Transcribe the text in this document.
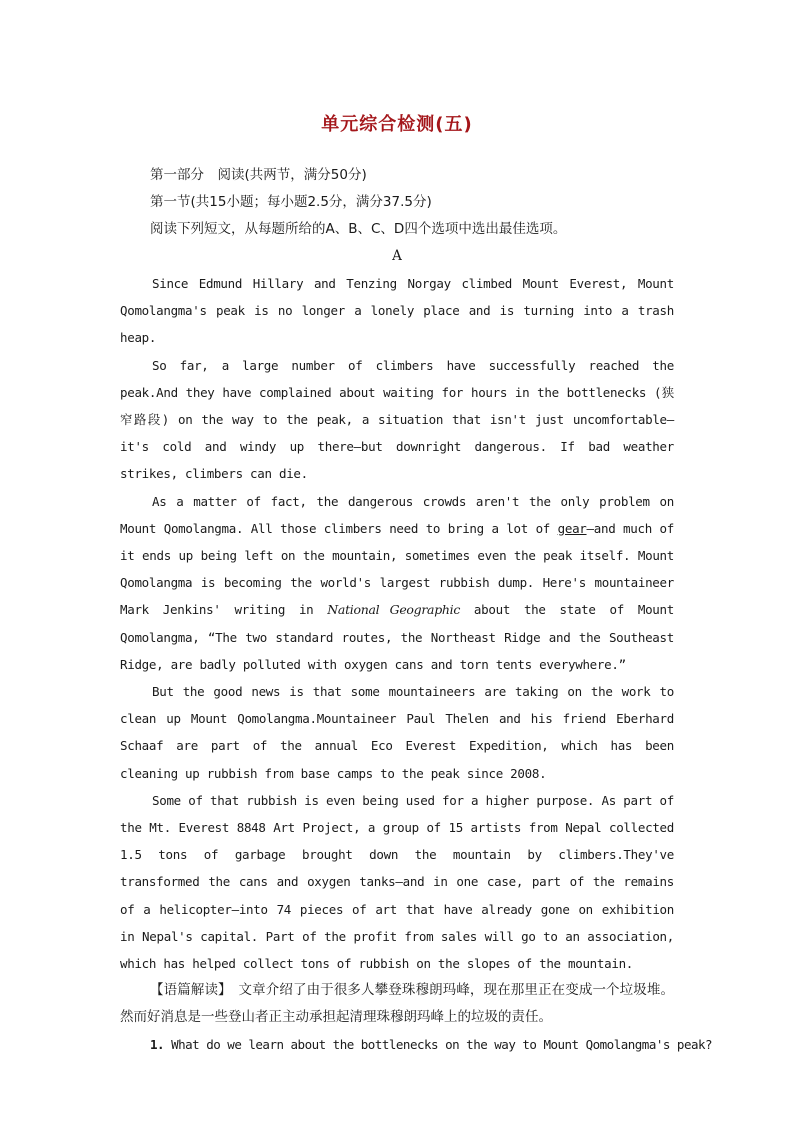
单元综合检测(五)

第一部分　阅读(共两节，满分50分)

第一节(共15小题；每小题2.5分，满分37.5分)

阅读下列短文，从每题所给的A、B、C、D四个选项中选出最佳选项。

A

Since Edmund Hillary and Tenzing Norgay climbed Mount Everest, Mount Qomolangma's peak is no longer a lonely place and is turning into a trash heap.

So far, a large number of climbers have successfully reached the peak.And they have complained about waiting for hours in the bottlenecks (狭窄路段) on the way to the peak, a situation that isn't just uncomfortable—it's cold and windy up there—but downright dangerous. If bad weather strikes, climbers can die.

As a matter of fact, the dangerous crowds aren't the only problem on Mount Qomolangma. All those climbers need to bring a lot of gear—and much of it ends up being left on the mountain, sometimes even the peak itself. Mount Qomolangma is becoming the world's largest rubbish dump. Here's mountaineer Mark Jenkins' writing in National Geographic about the state of Mount Qomolangma, “The two standard routes, the Northeast Ridge and the Southeast Ridge, are badly polluted with oxygen cans and torn tents everywhere.”

But the good news is that some mountaineers are taking on the work to clean up Mount Qomolangma.Mountaineer Paul Thelen and his friend Eberhard Schaaf are part of the annual Eco Everest Expedition, which has been cleaning up rubbish from base camps to the peak since 2008.

Some of that rubbish is even being used for a higher purpose. As part of the Mt. Everest 8848 Art Project, a group of 15 artists from Nepal collected 1.5 tons of garbage brought down the mountain by climbers.They've transformed the cans and oxygen tanks—and in one case, part of the remains of a helicopter—into 74 pieces of art that have already gone on exhibition in Nepal's capital. Part of the profit from sales will go to an association, which has helped collect tons of rubbish on the slopes of the mountain.

【语篇解读】　文章介绍了由于很多人攀登珠穆朗玛峰，现在那里正在变成一个垃圾堆。然而好消息是一些登山者正主动承担起清理珠穆朗玛峰上的垃圾的责任。

1. What do we learn about the bottlenecks on the way to Mount Qomolangma's peak?
